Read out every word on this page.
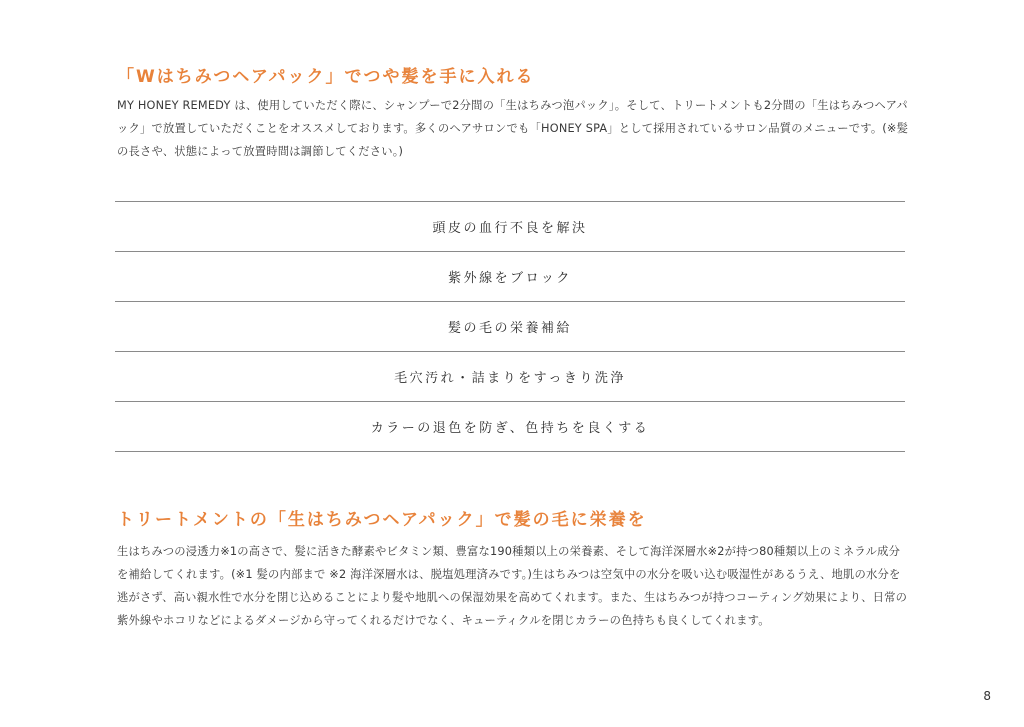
「Wはちみつヘアパック」でつや髪を手に入れる

MY HONEY REMEDY は、使用していただく際に、シャンプーで2分間の「生はちみつ泡パック」。そして、トリートメントも2分間の「生はちみつヘアパック」で放置していただくことをオススメしております。多くのヘアサロンでも「HONEY SPA」として採用されているサロン品質のメニューです。(※髪の長さや、状態によって放置時間は調節してください。)

頭皮の血行不良を解決
紫外線をブロック
髪の毛の栄養補給
毛穴汚れ・詰まりをすっきり洗浄
カラーの退色を防ぎ、色持ちを良くする
トリートメントの「生はちみつヘアパック」で髪の毛に栄養を

生はちみつの浸透力※1の高さで、髪に活きた酵素やビタミン類、豊富な190種類以上の栄養素、そして海洋深層水※2が持つ80種類以上のミネラル成分を補給してくれます。(※1 髪の内部まで ※2 海洋深層水は、脱塩処理済みです。)生はちみつは空気中の水分を吸い込む吸湿性があるうえ、地肌の水分を逃がさず、高い親水性で水分を閉じ込めることにより髪や地肌への保湿効果を高めてくれます。また、生はちみつが持つコーティング効果により、日常の紫外線やホコリなどによるダメージから守ってくれるだけでなく、キューティクルを閉じカラーの色持ちも良くしてくれます。

8
